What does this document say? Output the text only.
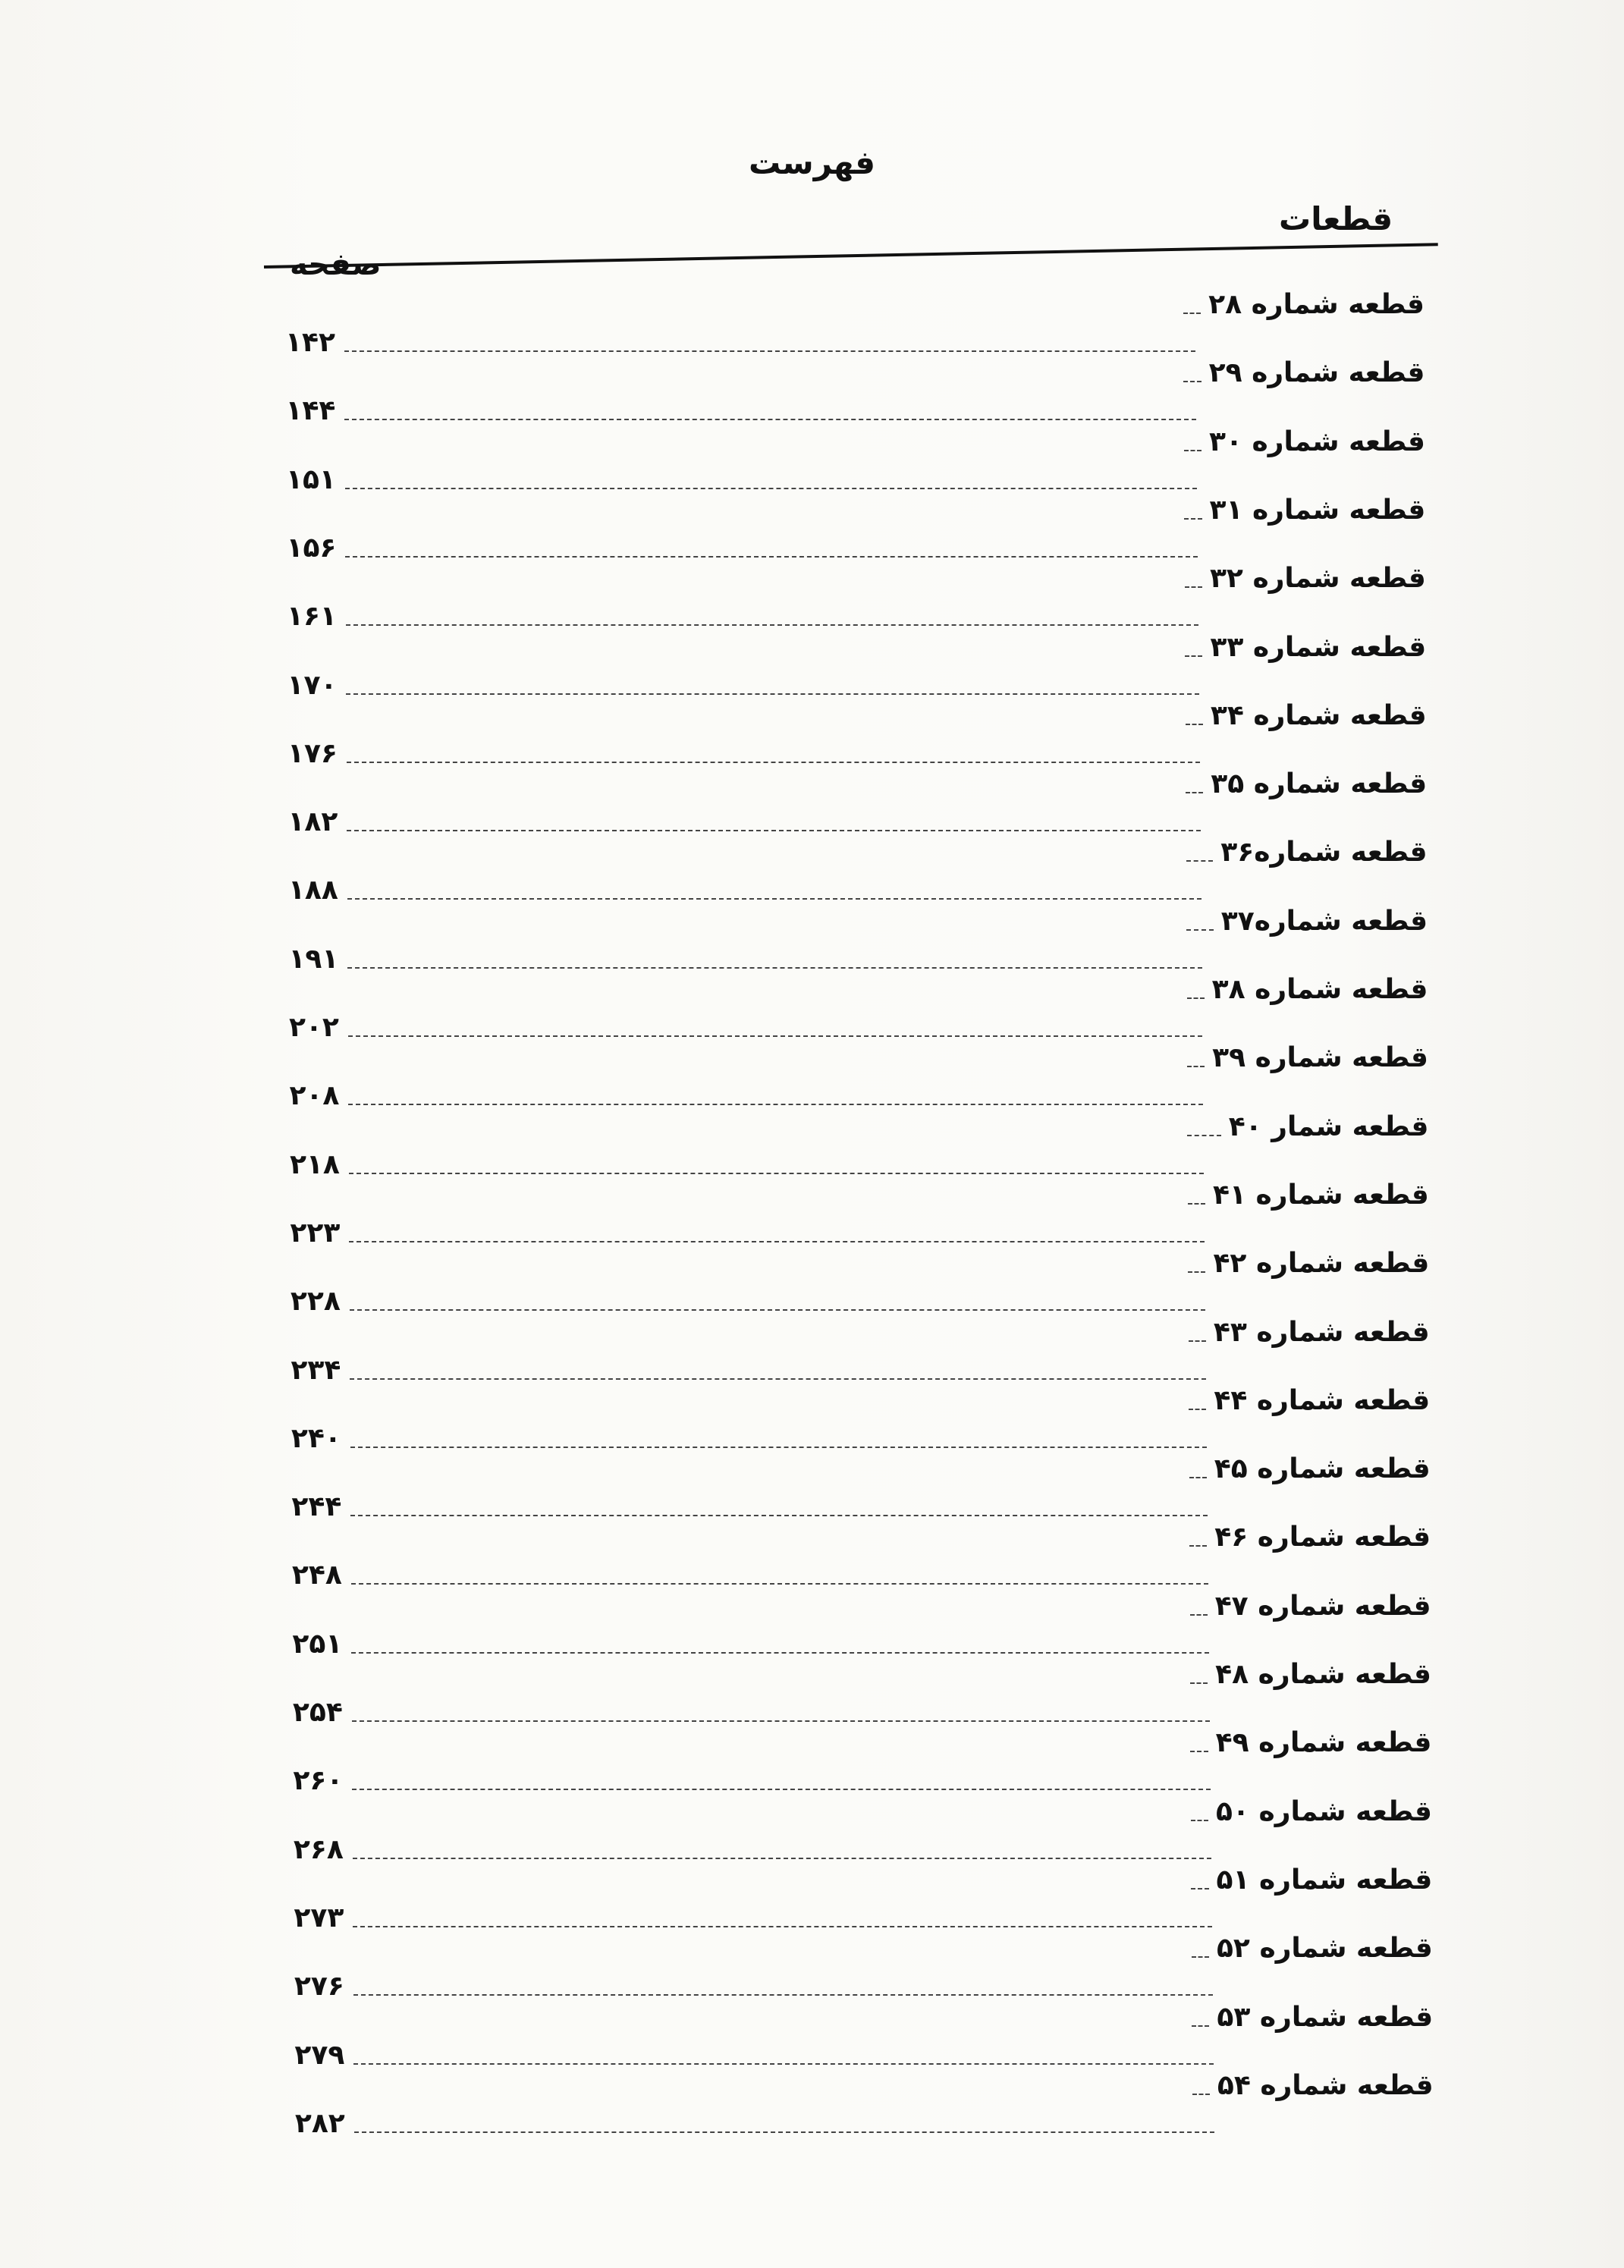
فهرست
قطعات
صفحه
قطعه شماره ۲۸
۱۴۲
قطعه شماره ۲۹
۱۴۴
قطعه شماره ۳۰
۱۵۱
قطعه شماره ۳۱
۱۵۶
قطعه شماره ۳۲
۱۶۱
قطعه شماره ۳۳
۱۷۰
قطعه شماره ۳۴
۱۷۶
قطعه شماره ۳۵
۱۸۲
قطعه شماره۳۶
۱۸۸
قطعه شماره۳۷
۱۹۱
قطعه شماره ۳۸
۲۰۲
قطعه شماره ۳۹
۲۰۸
قطعه شمار ۴۰
۲۱۸
قطعه شماره ۴۱
۲۲۳
قطعه شماره ۴۲
۲۲۸
قطعه شماره ۴۳
۲۳۴
قطعه شماره ۴۴
۲۴۰
قطعه شماره ۴۵
۲۴۴
قطعه شماره ۴۶
۲۴۸
قطعه شماره ۴۷
۲۵۱
قطعه شماره ۴۸
۲۵۴
قطعه شماره ۴۹
۲۶۰
قطعه شماره ۵۰
۲۶۸
قطعه شماره ۵۱
۲۷۳
قطعه شماره ۵۲
۲۷۶
قطعه شماره ۵۳
۲۷۹
قطعه شماره ۵۴
۲۸۲
